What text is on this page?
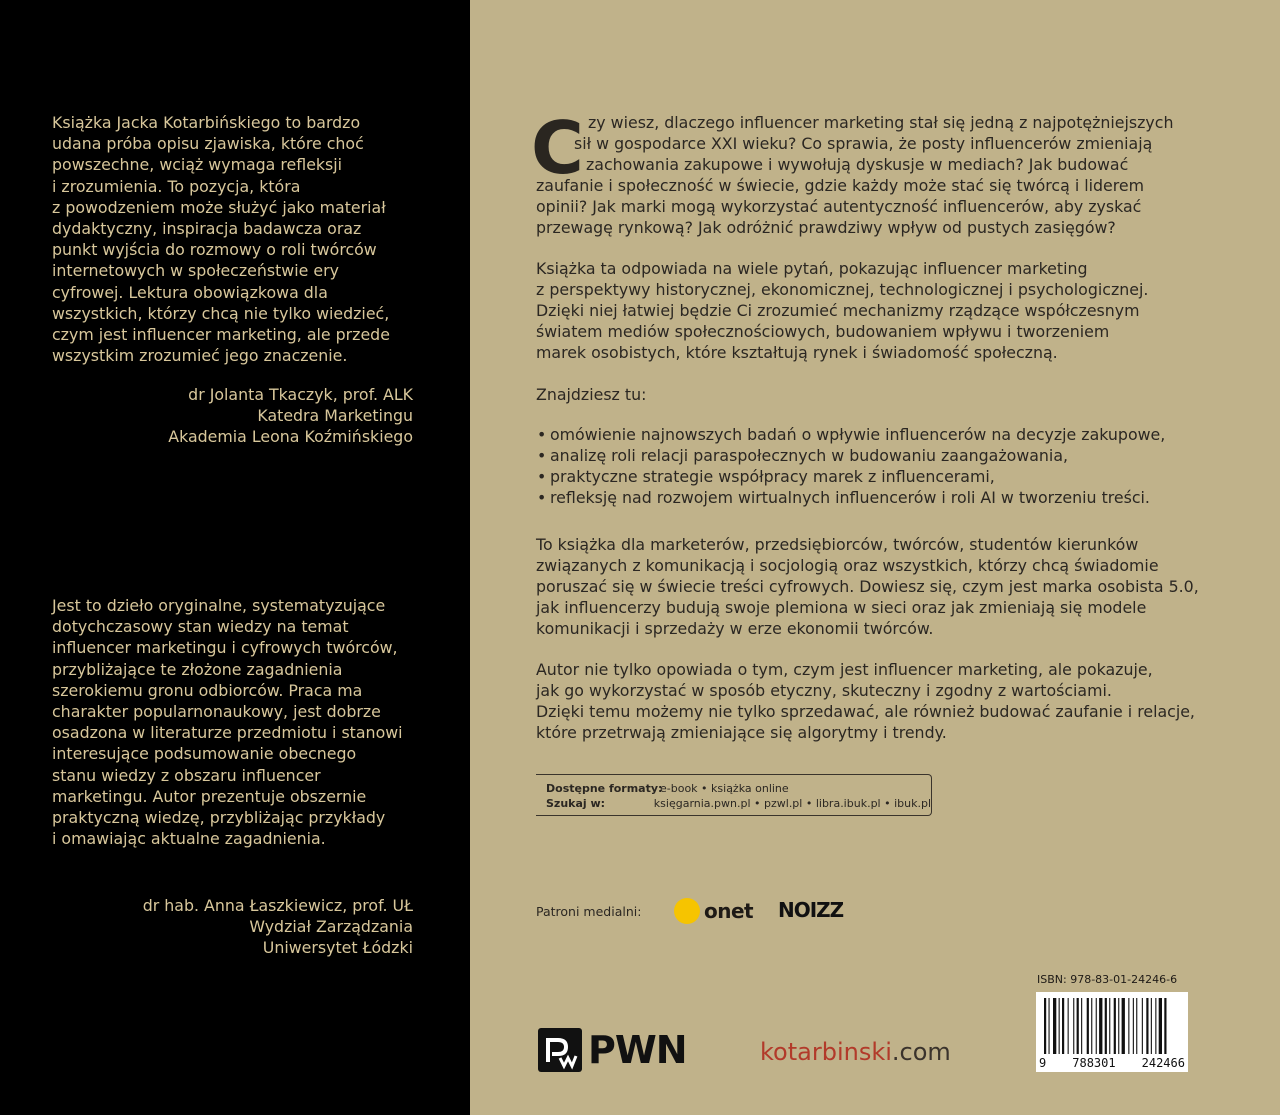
Książka Jacka Kotarbińskiego to bardzo

udana próba opisu zjawiska, które choć

powszechne, wciąż wymaga refleksji

i zrozumienia. To pozycja, która

z powodzeniem może służyć jako materiał

dydaktyczny, inspiracja badawcza oraz

punkt wyjścia do rozmowy o roli twórców

internetowych w społeczeństwie ery

cyfrowej. Lektura obowiązkowa dla

wszystkich, którzy chcą nie tylko wiedzieć,

czym jest influencer marketing, ale przede

wszystkim zrozumieć jego znaczenie.

dr Jolanta Tkaczyk, prof. ALK
Katedra Marketingu
Akademia Leona Koźmińskiego

Jest to dzieło oryginalne, systematyzujące

dotychczasowy stan wiedzy na temat

influencer marketingu i cyfrowych twórców,

przybliżające te złożone zagadnienia

szerokiemu gronu odbiorców. Praca ma

charakter popularnonaukowy, jest dobrze

osadzona w literaturze przedmiotu i stanowi

interesujące podsumowanie obecnego

stanu wiedzy z obszaru influencer

marketingu. Autor prezentuje obszernie

praktyczną wiedzę, przybliżając przykłady

i omawiając aktualne zagadnienia.

dr hab. Anna Łaszkiewicz, prof. UŁ
Wydział Zarządzania
Uniwersytet Łódzki
C zy wiesz, dlaczego influencer marketing stał się jedną z najpotężniejszych
sił w gospodarce XXI wieku? Co sprawia, że posty influencerów zmieniają
zachowania zakupowe i wywołują dyskusje w mediach? Jak budować
zaufanie i społeczność w świecie, gdzie każdy może stać się twórcą i liderem
opinii? Jak marki mogą wykorzystać autentyczność influencerów, aby zyskać
przewagę rynkową? Jak odróżnić prawdziwy wpływ od pustych zasięgów?
Książka ta odpowiada na wiele pytań, pokazując influencer marketing
z perspektywy historycznej, ekonomicznej, technologicznej i psychologicznej.
Dzięki niej łatwiej będzie Ci zrozumieć mechanizmy rządzące współczesnym
światem mediów społecznościowych, budowaniem wpływu i tworzeniem
marek osobistych, które kształtują rynek i świadomość społeczną.
Znajdziesz tu:
• omówienie najnowszych badań o wpływie influencerów na decyzje zakupowe,
• analizę roli relacji paraspołecznych w budowaniu zaangażowania,
• praktyczne strategie współpracy marek z influencerami,
• refleksję nad rozwojem wirtualnych influencerów i roli AI w tworzeniu treści.
To książka dla marketerów, przedsiębiorców, twórców, studentów kierunków
związanych z komunikacją i socjologią oraz wszystkich, którzy chcą świadomie
poruszać się w świecie treści cyfrowych. Dowiesz się, czym jest marka osobista 5.0,
jak influencerzy budują swoje plemiona w sieci oraz jak zmieniają się modele
komunikacji i sprzedaży w erze ekonomii twórców.
Autor nie tylko opowiada o tym, czym jest influencer marketing, ale pokazuje,
jak go wykorzystać w sposób etyczny, skuteczny i zgodny z wartościami.
Dzięki temu możemy nie tylko sprzedawać, ale również budować zaufanie i relacje,
które przetrwają zmieniające się algorytmy i trendy.
Dostępne formaty:
e-book • książka online
Szukaj w:	księgarnia.pwn.pl • pzwl.pl • libra.ibuk.pl • ibuk.pl
Patroni medialni:	onet NOIZZ
PWN	kotarbinski.com
ISBN: 978-83-01-24246-6
9 788301 242466
